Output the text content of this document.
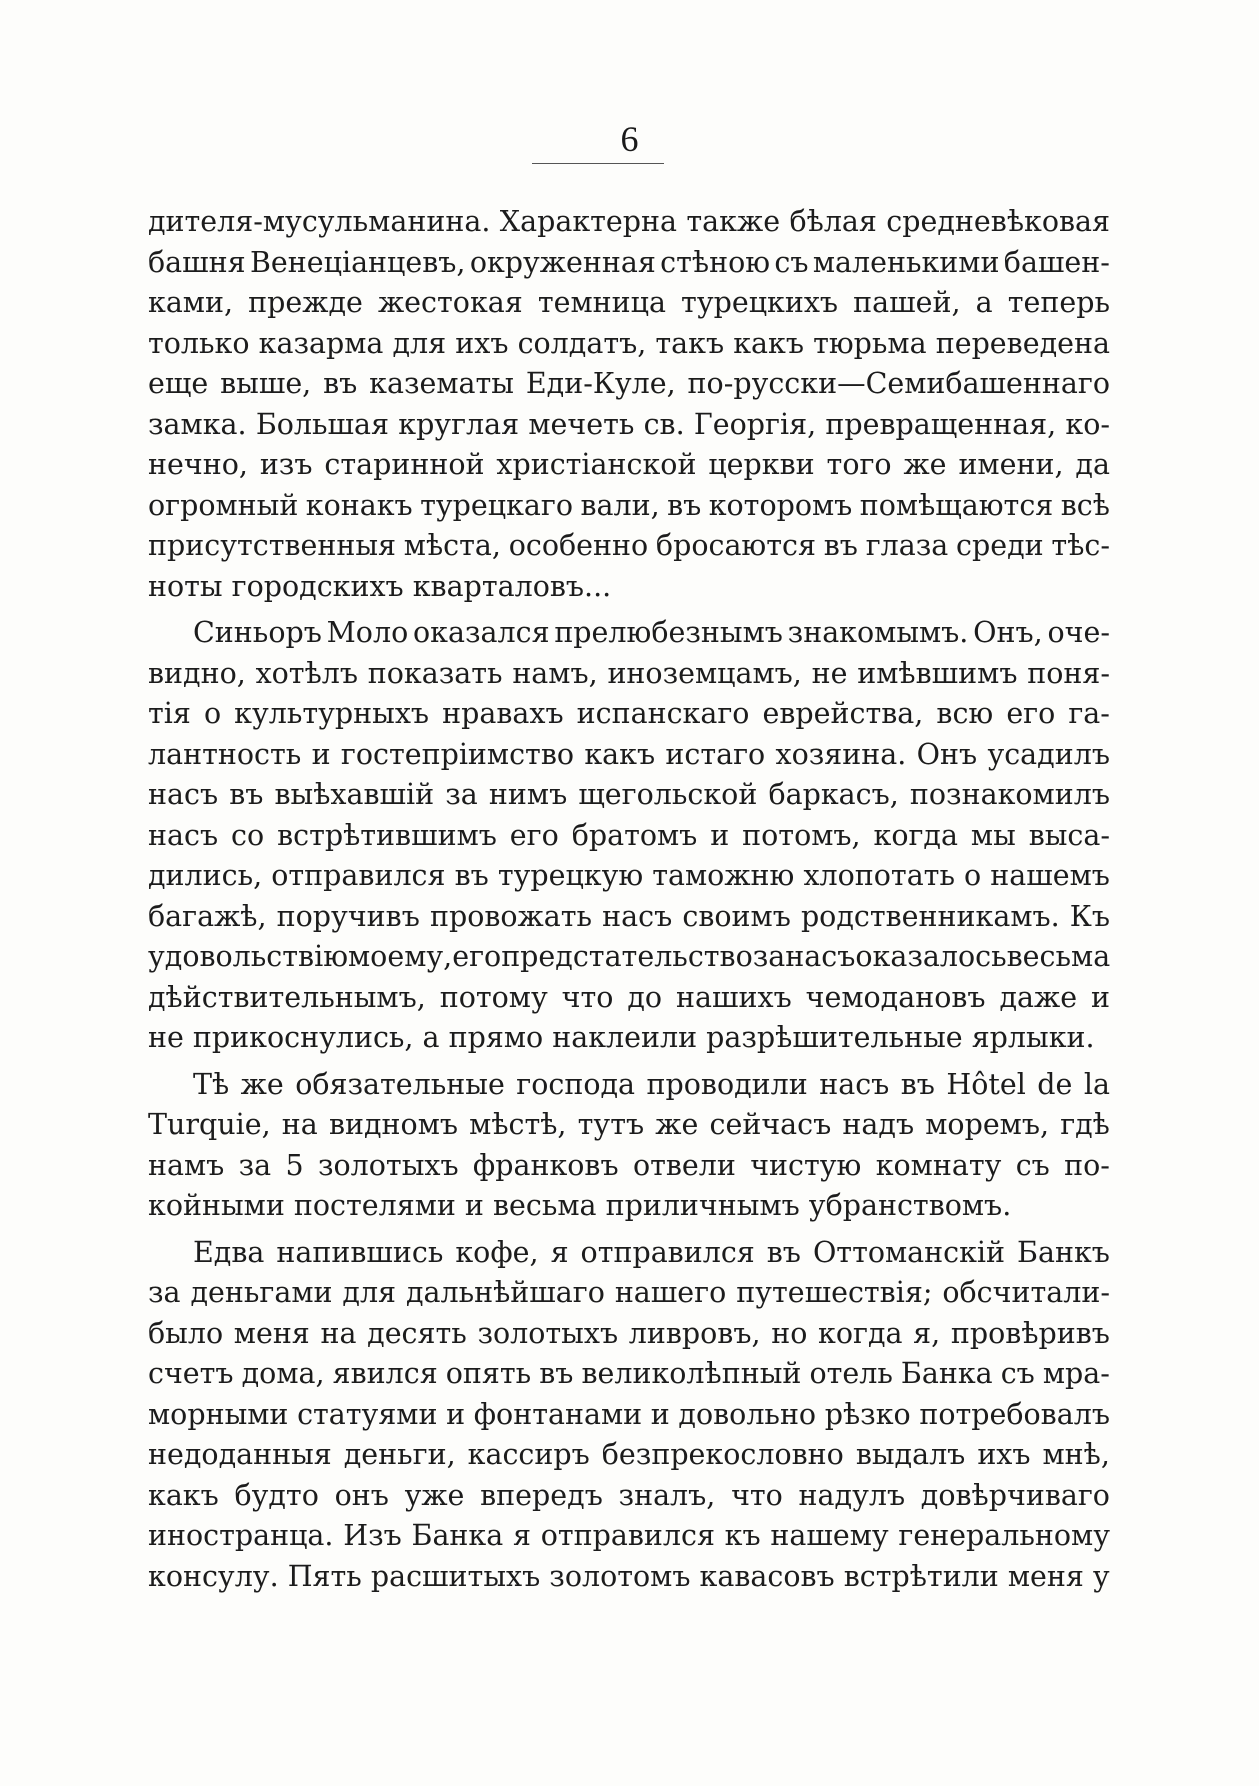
6
дителя-мусульманина. Характерна также бѣлая средневѣковая
башня Венеціанцевъ, окруженная стѣною съ маленькими башен-
ками, прежде жестокая темница турецкихъ пашей, а теперь
только казарма для ихъ солдатъ, такъ какъ тюрьма переведена
еще выше, въ казематы Еди-Куле, по-русски—Семибашеннаго
замка. Большая круглая мечеть св. Георгія, превращенная, ко-
нечно, изъ старинной христіанской церкви того же имени, да
огромный конакъ турецкаго вали, въ которомъ помѣщаются всѣ
присутственныя мѣста, особенно бросаются въ глаза среди тѣс-
ноты городскихъ кварталовъ...
Синьоръ Моло оказался прелюбезнымъ знакомымъ. Онъ, оче-
видно, хотѣлъ показать намъ, иноземцамъ, не имѣвшимъ поня-
тія о культурныхъ нравахъ испанскаго еврейства, всю его га-
лантность и гостепріимство какъ истаго хозяина. Онъ усадилъ
насъ въ выѣхавшій за нимъ щегольской баркасъ, познакомилъ
насъ со встрѣтившимъ его братомъ и потомъ, когда мы выса-
дились, отправился въ турецкую таможню хлопотать о нашемъ
багажѣ, поручивъ провожать насъ своимъ родственникамъ. Къ
удовольствію моему, его предстательство за насъ оказалось весьма
дѣйствительнымъ, потому что до нашихъ чемодановъ даже и
не прикоснулись, а прямо наклеили разрѣшительные ярлыки.
Тѣ же обязательные господа проводили насъ въ Hôtel de la
Turquie, на видномъ мѣстѣ, тутъ же сейчасъ надъ моремъ, гдѣ
намъ за 5 золотыхъ франковъ отвели чистую комнату съ по-
койными постелями и весьма приличнымъ убранствомъ.
Едва напившись кофе, я отправился въ Оттоманскій Банкъ
за деньгами для дальнѣйшаго нашего путешествія; обсчитали-
было меня на десять золотыхъ ливровъ, но когда я, провѣривъ
счетъ дома, явился опять въ великолѣпный отель Банка съ мра-
морными статуями и фонтанами и довольно рѣзко потребовалъ
недоданныя деньги, кассиръ безпрекословно выдалъ ихъ мнѣ,
какъ будто онъ уже впередъ зналъ, что надулъ довѣрчиваго
иностранца. Изъ Банка я отправился къ нашему генеральному
консулу. Пять расшитыхъ золотомъ кавасовъ встрѣтили меня у
